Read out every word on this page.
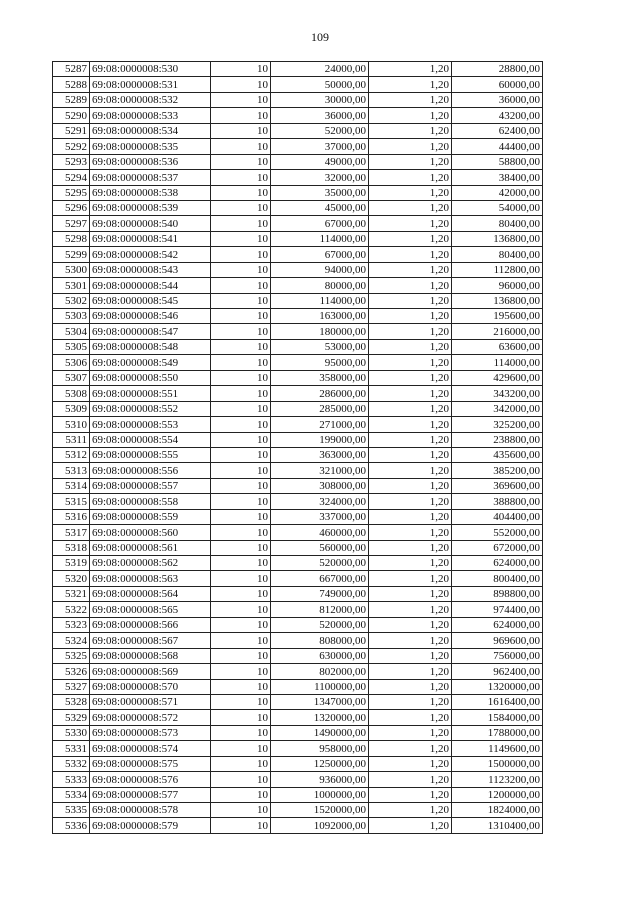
109
5287	69:08:0000008:530	10	24000,00	1,20	28800,00
5288	69:08:0000008:531	10	50000,00	1,20	60000,00
5289	69:08:0000008:532	10	30000,00	1,20	36000,00
5290	69:08:0000008:533	10	36000,00	1,20	43200,00
5291	69:08:0000008:534	10	52000,00	1,20	62400,00
5292	69:08:0000008:535	10	37000,00	1,20	44400,00
5293	69:08:0000008:536	10	49000,00	1,20	58800,00
5294	69:08:0000008:537	10	32000,00	1,20	38400,00
5295	69:08:0000008:538	10	35000,00	1,20	42000,00
5296	69:08:0000008:539	10	45000,00	1,20	54000,00
5297	69:08:0000008:540	10	67000,00	1,20	80400,00
5298	69:08:0000008:541	10	114000,00	1,20	136800,00
5299	69:08:0000008:542	10	67000,00	1,20	80400,00
5300	69:08:0000008:543	10	94000,00	1,20	112800,00
5301	69:08:0000008:544	10	80000,00	1,20	96000,00
5302	69:08:0000008:545	10	114000,00	1,20	136800,00
5303	69:08:0000008:546	10	163000,00	1,20	195600,00
5304	69:08:0000008:547	10	180000,00	1,20	216000,00
5305	69:08:0000008:548	10	53000,00	1,20	63600,00
5306	69:08:0000008:549	10	95000,00	1,20	114000,00
5307	69:08:0000008:550	10	358000,00	1,20	429600,00
5308	69:08:0000008:551	10	286000,00	1,20	343200,00
5309	69:08:0000008:552	10	285000,00	1,20	342000,00
5310	69:08:0000008:553	10	271000,00	1,20	325200,00
5311	69:08:0000008:554	10	199000,00	1,20	238800,00
5312	69:08:0000008:555	10	363000,00	1,20	435600,00
5313	69:08:0000008:556	10	321000,00	1,20	385200,00
5314	69:08:0000008:557	10	308000,00	1,20	369600,00
5315	69:08:0000008:558	10	324000,00	1,20	388800,00
5316	69:08:0000008:559	10	337000,00	1,20	404400,00
5317	69:08:0000008:560	10	460000,00	1,20	552000,00
5318	69:08:0000008:561	10	560000,00	1,20	672000,00
5319	69:08:0000008:562	10	520000,00	1,20	624000,00
5320	69:08:0000008:563	10	667000,00	1,20	800400,00
5321	69:08:0000008:564	10	749000,00	1,20	898800,00
5322	69:08:0000008:565	10	812000,00	1,20	974400,00
5323	69:08:0000008:566	10	520000,00	1,20	624000,00
5324	69:08:0000008:567	10	808000,00	1,20	969600,00
5325	69:08:0000008:568	10	630000,00	1,20	756000,00
5326	69:08:0000008:569	10	802000,00	1,20	962400,00
5327	69:08:0000008:570	10	1100000,00	1,20	1320000,00
5328	69:08:0000008:571	10	1347000,00	1,20	1616400,00
5329	69:08:0000008:572	10	1320000,00	1,20	1584000,00
5330	69:08:0000008:573	10	1490000,00	1,20	1788000,00
5331	69:08:0000008:574	10	958000,00	1,20	1149600,00
5332	69:08:0000008:575	10	1250000,00	1,20	1500000,00
5333	69:08:0000008:576	10	936000,00	1,20	1123200,00
5334	69:08:0000008:577	10	1000000,00	1,20	1200000,00
5335	69:08:0000008:578	10	1520000,00	1,20	1824000,00
5336	69:08:0000008:579	10	1092000,00	1,20	1310400,00
